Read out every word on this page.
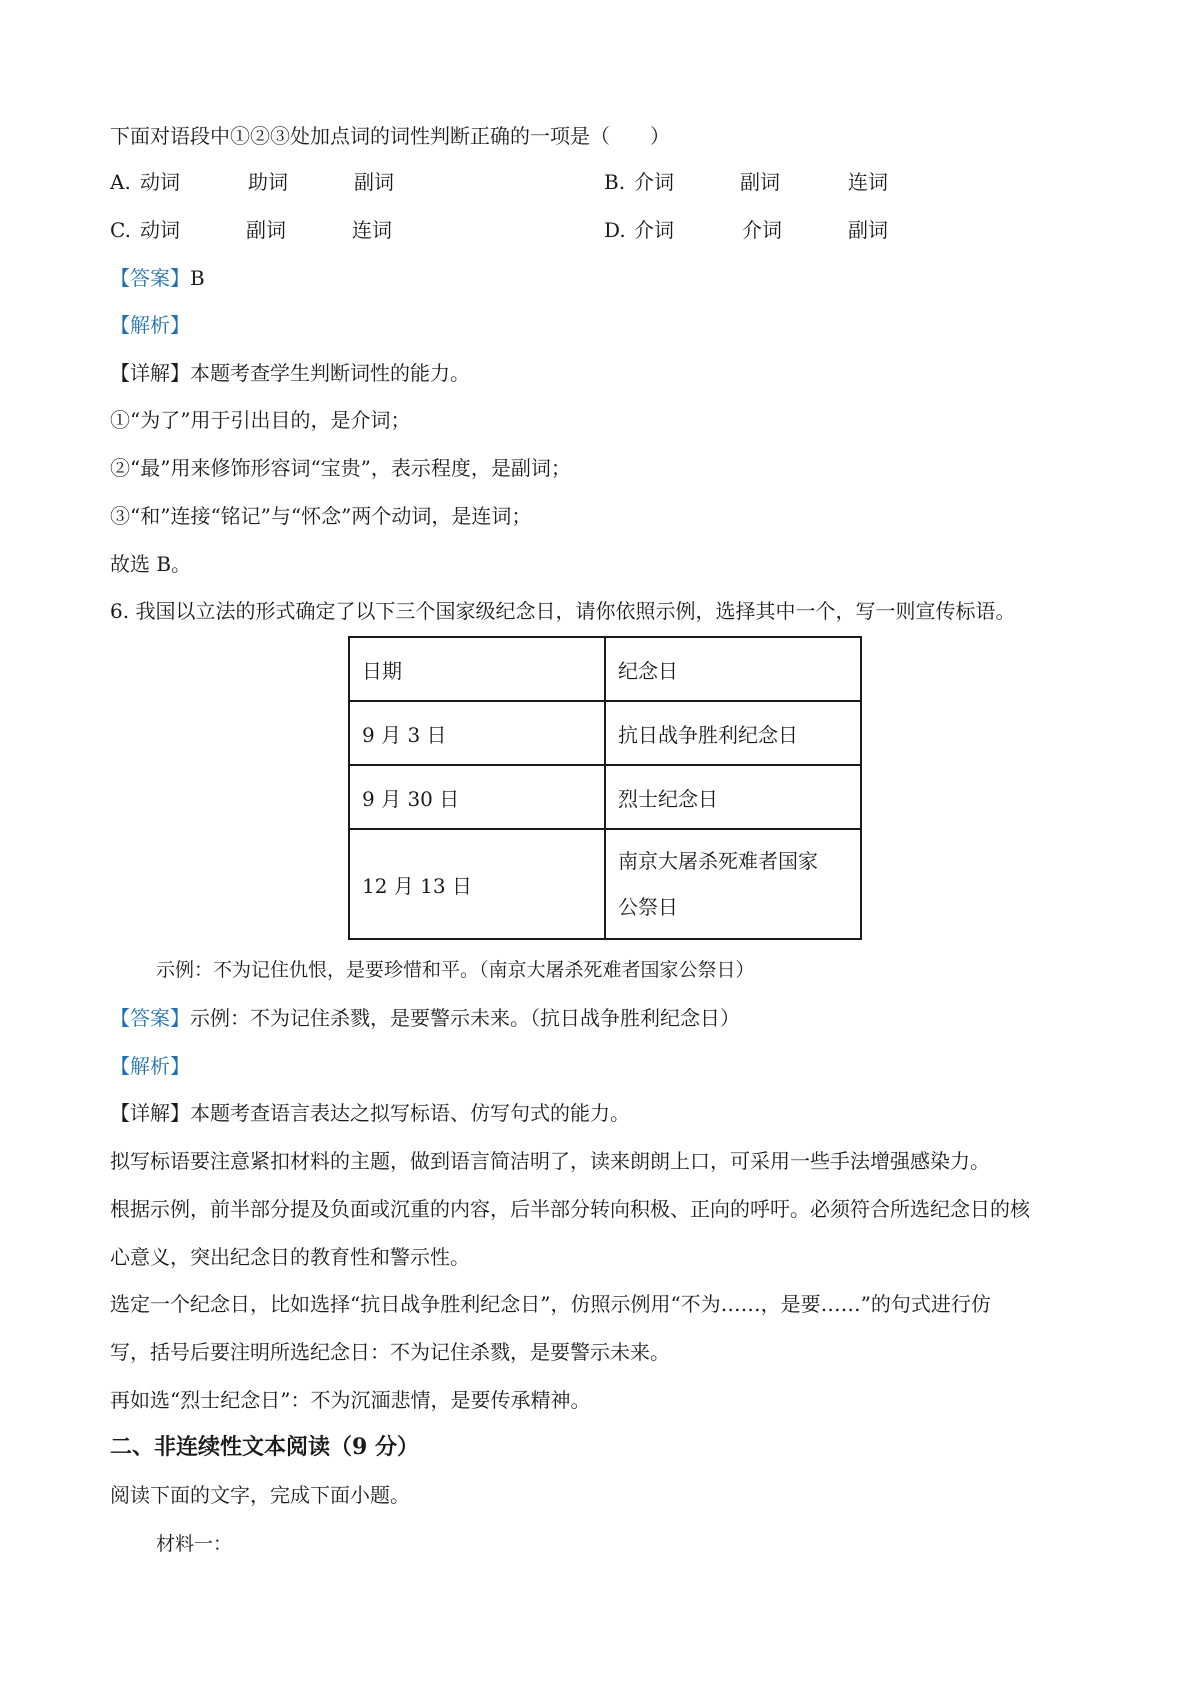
下面对语段中①②③处加点词的词性判断正确的一项是（　　）
A. 动词	助词	副词	B. 介词	副词	连词
C. 动词	副词	连词	D. 介词	介词	副词
【答案】B
【解析】
【详解】本题考查学生判断词性的能力。
①“为了”用于引出目的，是介词；
②“最”用来修饰形容词“宝贵”，表示程度，是副词；
③“和”连接“铭记”与“怀念”两个动词，是连词；
故选 B。
6. 我国以立法的形式确定了以下三个国家级纪念日，请你依照示例，选择其中一个，写一则宣传标语。
日期	纪念日
9 月 3 日	抗日战争胜利纪念日
9 月 30 日	烈士纪念日
12 月 13 日	南京大屠杀死难者国家
公祭日
示例：不为记住仇恨，是要珍惜和平。（南京大屠杀死难者国家公祭日）
【答案】示例：不为记住杀戮，是要警示未来。（抗日战争胜利纪念日）
【解析】
【详解】本题考查语言表达之拟写标语、仿写句式的能力。
拟写标语要注意紧扣材料的主题，做到语言简洁明了，读来朗朗上口，可采用一些手法增强感染力。
根据示例，前半部分提及负面或沉重的内容，后半部分转向积极、正向的呼吁。必须符合所选纪念日的核
心意义，突出纪念日的教育性和警示性。
选定一个纪念日，比如选择“抗日战争胜利纪念日”，仿照示例用“不为……，是要……”的句式进行仿
写，括号后要注明所选纪念日：不为记住杀戮，是要警示未来。
再如选“烈士纪念日”：不为沉湎悲情，是要传承精神。
二、非连续性文本阅读（9 分）
阅读下面的文字，完成下面小题。
材料一：
